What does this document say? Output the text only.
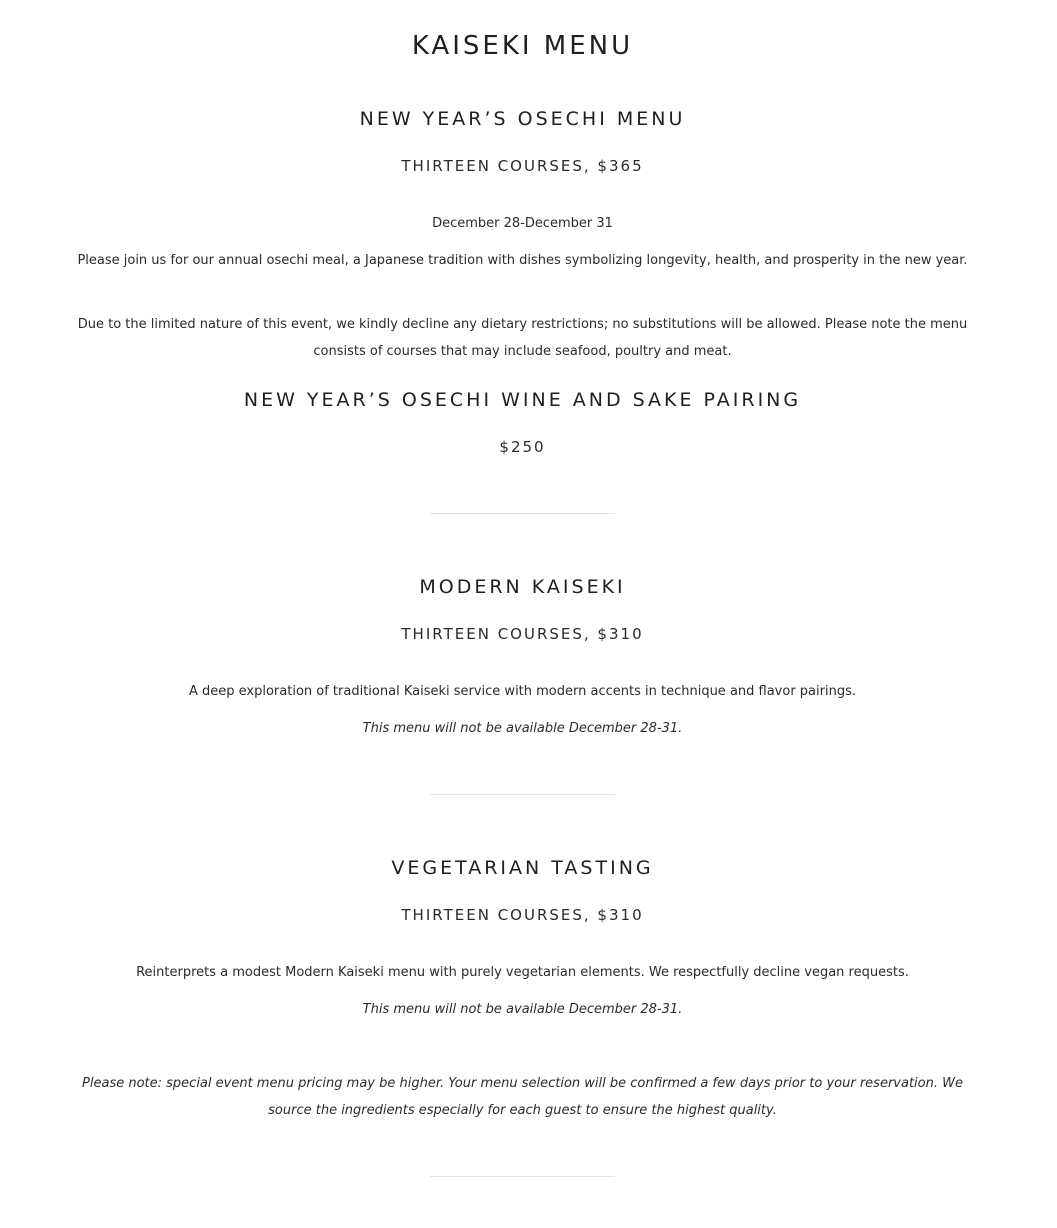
KAISEKI MENU
NEW YEAR’S OSECHI MENU
THIRTEEN COURSES, $365

December 28-December 31

Please join us for our annual osechi meal, a Japanese tradition with dishes symbolizing longevity, health, and prosperity in the new year.

Due to the limited nature of this event, we kindly decline any dietary restrictions; no substitutions will be allowed. Please note the menu consists of courses that may include seafood, poultry and meat.

NEW YEAR’S OSECHI WINE AND SAKE PAIRING
$250
MODERN KAISEKI
THIRTEEN COURSES, $310

A deep exploration of traditional Kaiseki service with modern accents in technique and flavor pairings.

This menu will not be available December 28-31.

VEGETARIAN TASTING
THIRTEEN COURSES, $310

Reinterprets a modest Modern Kaiseki menu with purely vegetarian elements. We respectfully decline vegan requests.

This menu will not be available December 28-31.

Please note: special event menu pricing may be higher. Your menu selection will be confirmed a few days prior to your reservation. We source the ingredients especially for each guest to ensure the highest quality.
